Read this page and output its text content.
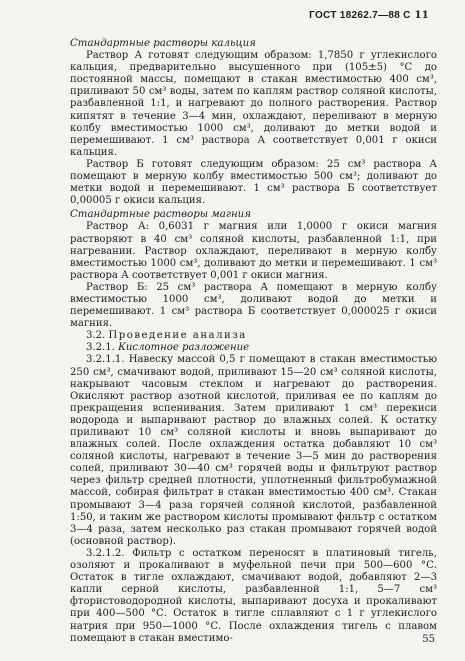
ГОСТ 18262.7—88 С 11

Стандартные растворы кальция

Раствор А готовят следующим образом: 1,7850 г углекислого кальция, предварительно высушенного при (105±5) °С до постоянной массы, помещают в стакан вместимостью 400 см³, приливают 50 см³ воды, затем по каплям раствор соляной кислоты, разбавленной 1:1, и нагревают до полного растворения. Раствор кипятят в течение 3—4 мин, охлаждают, переливают в мерную колбу вместимостью 1000 см³, доливают до метки водой и перемешивают. 1 см³ раствора А соответствует 0,001 г окиси кальция.

Раствор Б готовят следующим образом: 25 см³ раствора А помещают в мерную колбу вместимостью 500 см³; доливают до метки водой и перемешивают. 1 см³ раствора Б соответствует 0,00005 г окиси кальция.

Стандартные растворы магния

Раствор А: 0,6031 г магния или 1,0000 г окиси магния растворяют в 40 см³ соляной кислоты, разбавленной 1:1, при нагревании. Раствор охлаждают, переливают в мерную колбу вместимостью 1000 см³, доливают до метки и перемешивают. 1 см³ раствора А соответствует 0,001 г окиси магния.

Раствор Б: 25 см³ раствора А помещают в мерную колбу вместимостью 1000 см³, доливают водой до метки и перемешивают. 1 см³ раствора Б соответствует 0,000025 г окиси магния.

3.2. Проведение анализа

3.2.1. Кислотное разложение

3.2.1.1. Навеску массой 0,5 г помещают в стакан вместимостью 250 см³, смачивают водой, приливают 15—20 см³ соляной кислоты, накрывают часовым стеклом и нагревают до растворения. Окисляют раствор азотной кислотой, приливая ее по каплям до прекращения вспенивания. Затем приливают 1 см³ перекиси водорода и выпаривают раствор до влажных солей. К остатку приливают 10 см³ соляной кислоты и вновь выпаривают до влажных солей. После охлаждения остатка добавляют 10 см³ соляной кислоты, нагревают в течение 3—5 мин до растворения солей, приливают 30—40 см³ горячей воды и фильтруют раствор через фильтр средней плотности, уплотненный фильтробумажной массой, собирая фильтрат в стакан вместимостью 400 см³. Стакан промывают 3—4 раза горячей соляной кислотой, разбавленной 1:50, и таким же раствором кислоты промывают фильтр с остатком 3—4 раза, затем несколько раз стакан промывают горячей водой (основной раствор).

3.2.1.2. Фильтр с остатком переносят в платиновый тигель, озоляют и прокаливают в муфельной печи при 500—600 °С. Остаток в тигле охлаждают, смачивают водой, добавляют 2—3 капли серной кислоты, разбавленной 1:1, 5—7 см³ фтористоводородной кислоты, выпаривают досуха и прокаливают при 400—500 °С. Остаток в тигле сплавляют с 1 г углекислого натрия при 950—1000 °С. После охлаждения тигель с плавом помещают в стакан вместимо-	55
